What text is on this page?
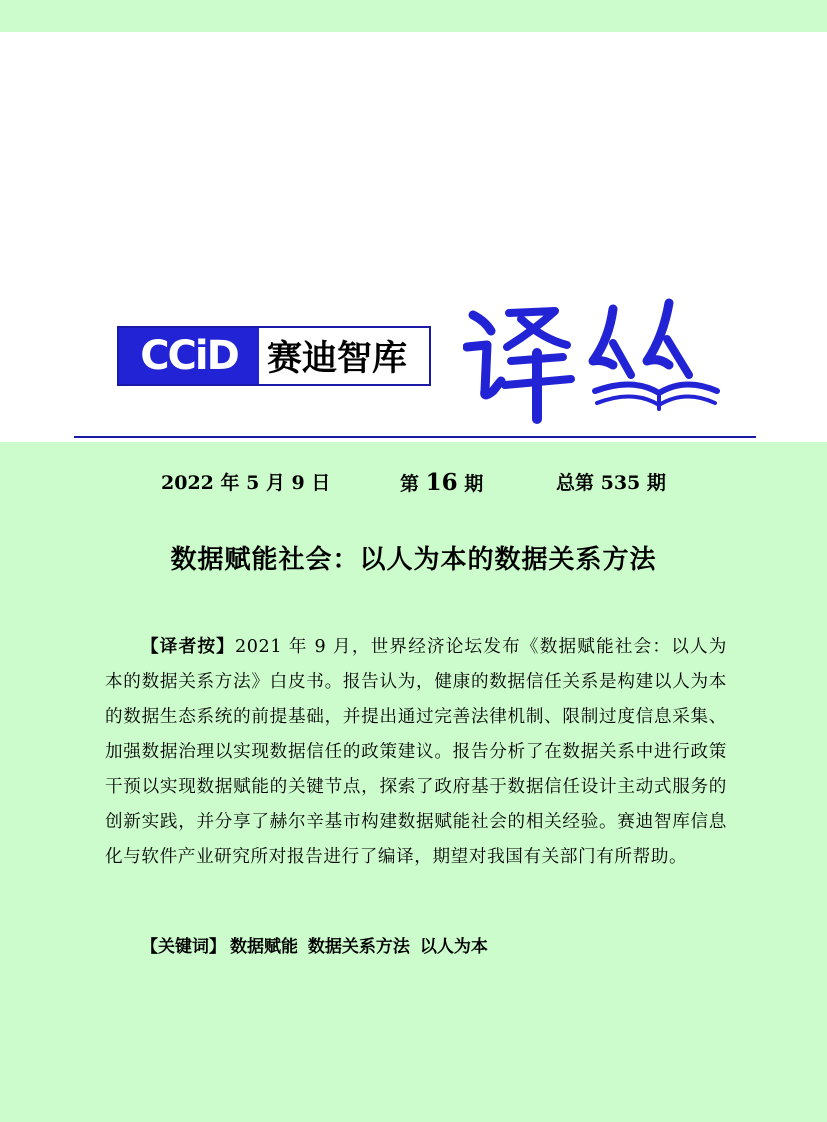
CCiD 赛迪智库
2022 年 5 月 9 日	第 16 期	总第 535 期
数据赋能社会：以人为本的数据关系方法

【译者按】2021 年 9 月，世界经济论坛发布《数据赋能社会：以人为本的数据关系方法》白皮书。报告认为，健康的数据信任关系是构建以人为本的数据生态系统的前提基础，并提出通过完善法律机制、限制过度信息采集、加强数据治理以实现数据信任的政策建议。报告分析了在数据关系中进行政策干预以实现数据赋能的关键节点，探索了政府基于数据信任设计主动式服务的创新实践，并分享了赫尔辛基市构建数据赋能社会的相关经验。赛迪智库信息化与软件产业研究所对报告进行了编译，期望对我国有关部门有所帮助。

【关键词】 数据赋能 数据关系方法 以人为本
